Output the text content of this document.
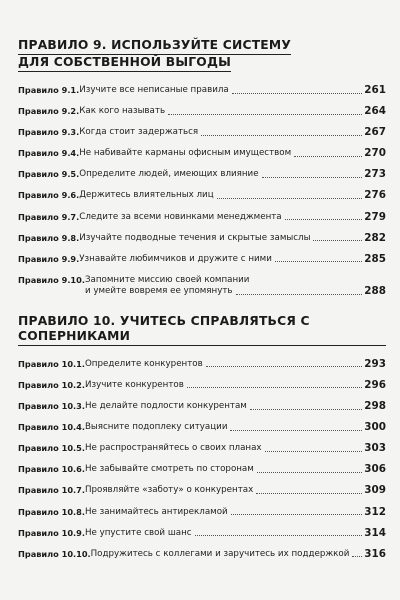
ПРАВИЛО 9. ИСПОЛЬЗУЙТЕ СИСТЕМУ
ДЛЯ СОБСТВЕННОЙ ВЫГОДЫ
Правило 9.1. Изучите все неписаные правила	261
Правило 9.2. Как кого называть	264
Правило 9.3. Когда стоит задержаться	267
Правило 9.4. Не набивайте карманы офисным имуществом	270
Правило 9.5. Определите людей, имеющих влияние	273
Правило 9.6. Держитесь влиятельных лиц	276
Правило 9.7. Следите за всеми новинками менеджмента	279
Правило 9.8. Изучайте подводные течения и скрытые замыслы	282
Правило 9.9. Узнавайте любимчиков и дружите с ними	285
Правило 9.10. Запомните миссию своей компании
и умейте вовремя ее упомянуть	288
ПРАВИЛО 10. УЧИТЕСЬ СПРАВЛЯТЬСЯ С СОПЕРНИКАМИ
Правило 10.1. Определите конкурентов	293
Правило 10.2. Изучите конкурентов	296
Правило 10.3. Не делайте подлости конкурентам	298
Правило 10.4. Выясните подоплеку ситуации	300
Правило 10.5. Не распространяйтесь о своих планах	303
Правило 10.6. Не забывайте смотреть по сторонам	306
Правило 10.7. Проявляйте «заботу» о конкурентах	309
Правило 10.8. Не занимайтесь антирекламой	312
Правило 10.9. Не упустите свой шанс	314
Правило 10.10. Подружитесь с коллегами и заручитесь их поддержкой 316
